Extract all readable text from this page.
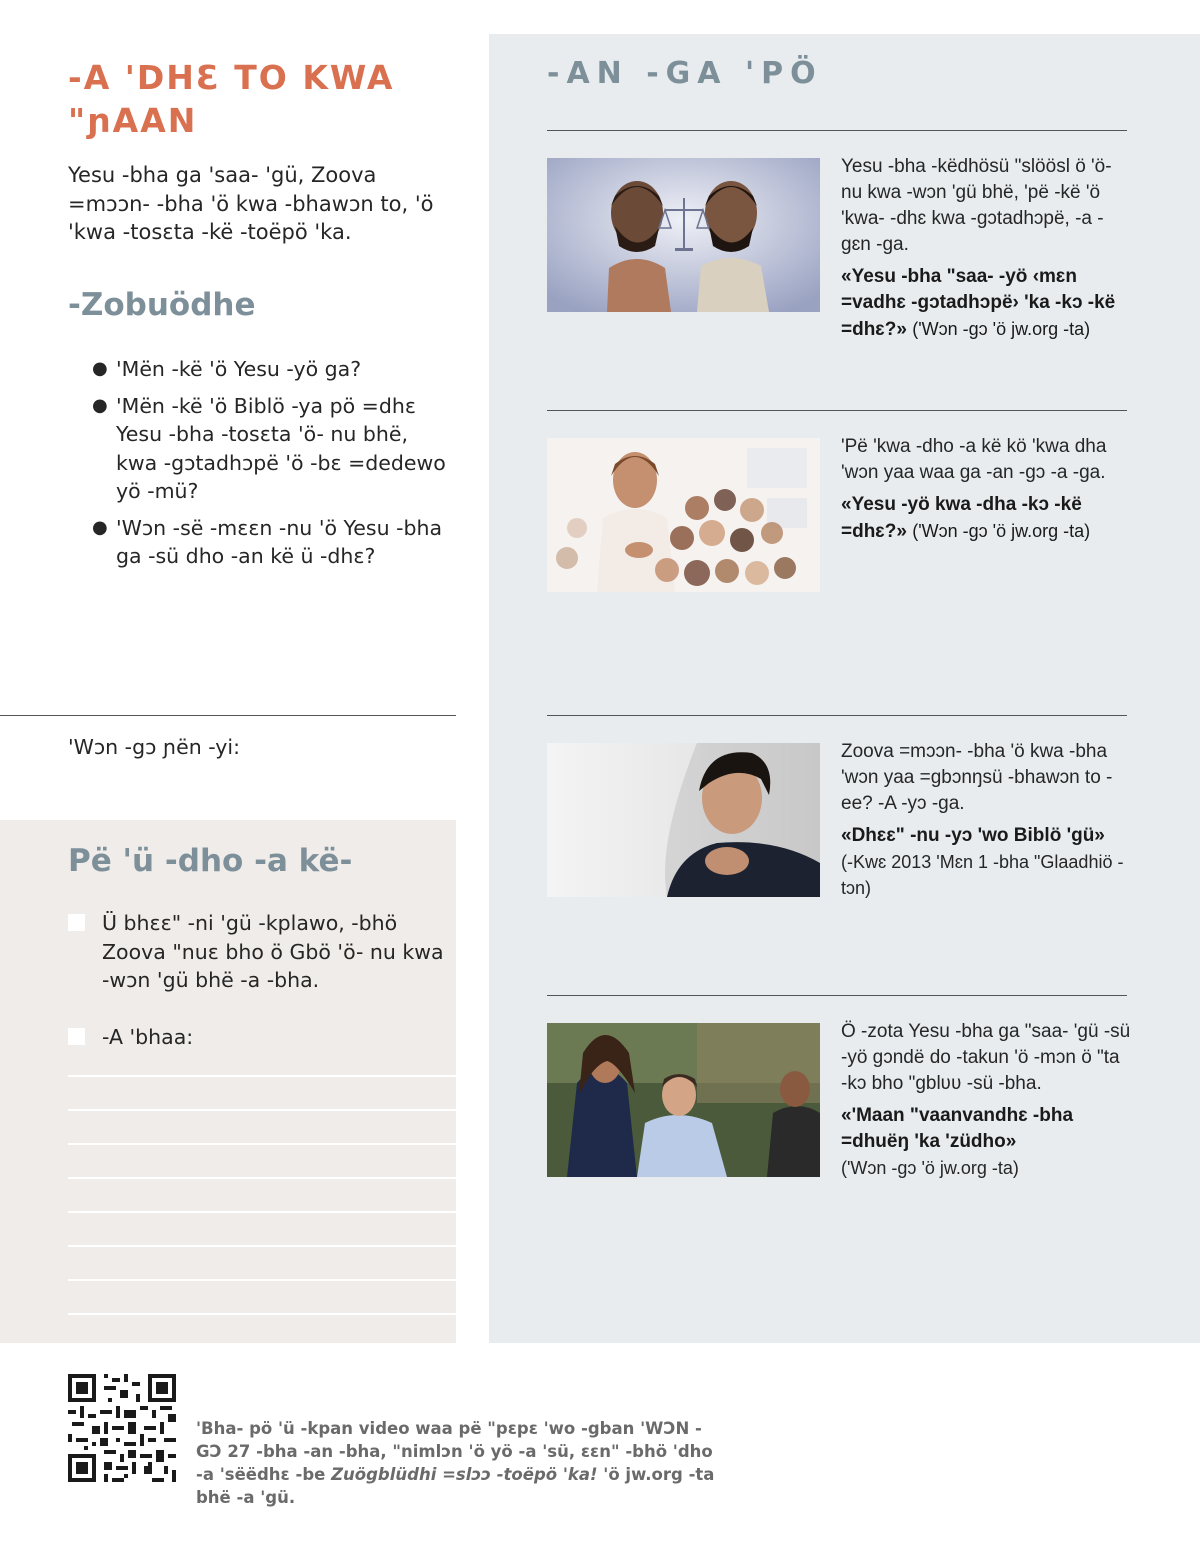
-A 'DHƐ TO KWA "ɲAAN

Yesu -bha ga 'saa- 'gü, Zoova =mɔɔn- -bha 'ö kwa -bhawɔn to, 'ö 'kwa -tosɛta -kë -toëpö 'ka.

-Zobuödhe
● 'Mën -kë 'ö Yesu -yö ga?
● 'Mën -kë 'ö Biblö -ya pö =dhɛ Yesu -bha -tosɛta 'ö- nu bhë, kwa -gɔtadhɔpë 'ö -bɛ =dedewo yö -mü?
● 'Wɔn -së -mɛɛn -nu 'ö Yesu -bha ga -sü dho -an kë ü -dhɛ?
'Wɔn -gɔ ɲën -yi:
Pë 'ü -dho -a kë-
Ü bhɛɛ" -ni 'gü -kplawo, -bhö Zoova "nuɛ bho ö Gbö 'ö- nu kwa -wɔn 'gü bhë -a -bha.
-A 'bhaa:
-AN -GA 'PÖ
Yesu -bha -këdhösü "slöösl ö 'ö- nu kwa -wɔn 'gü bhë, 'pë -kë 'ö 'kwa- -dhɛ kwa -gɔtadhɔpë, -a -gɛn -ga.
«Yesu -bha "saa- -yö ‹mɛn =vadhɛ -gɔtadhɔpë› 'ka -kɔ -kë =dhɛ?» ('Wɔn -gɔ 'ö jw.org -ta)
'Pë 'kwa -dho -a kë kö 'kwa dha 'wɔn yaa waa ga -an -gɔ -a -ga.
«Yesu -yö kwa -dha -kɔ -kë =dhɛ?» ('Wɔn -gɔ 'ö jw.org -ta)
Zoova =mɔɔn- -bha 'ö kwa -bha 'wɔn yaa =gbɔnŋsü -bhawɔn to -ee? -A -yɔ -ga.
«Dhɛɛ" -nu -yɔ 'wo Biblö 'gü»
(-Kwɛ 2013 'Mɛn 1 -bha "Glaadhiö -tɔn)
Ö -zota Yesu -bha ga "saa- 'gü -sü -yö gɔndë do -takun 'ö -mɔn ö "ta -kɔ bho "gblʋʋ -sü -bha.
«'Maan "vaanvandhɛ -bha =dhuëŋ 'ka 'züdho»
('Wɔn -gɔ 'ö jw.org -ta)

'Bha- pö 'ü -kpan video waa pë "pɛpɛ 'wo -gban 'WƆN -GƆ 27 -bha -an -bha, "nimlɔn 'ö yö -a 'sü, ɛɛn" -bhö 'dho -a 'sëëdhɛ -be Zuögblüdhi =slɔɔ -toëpö 'ka! 'ö jw.org -ta bhë -a 'gü.
